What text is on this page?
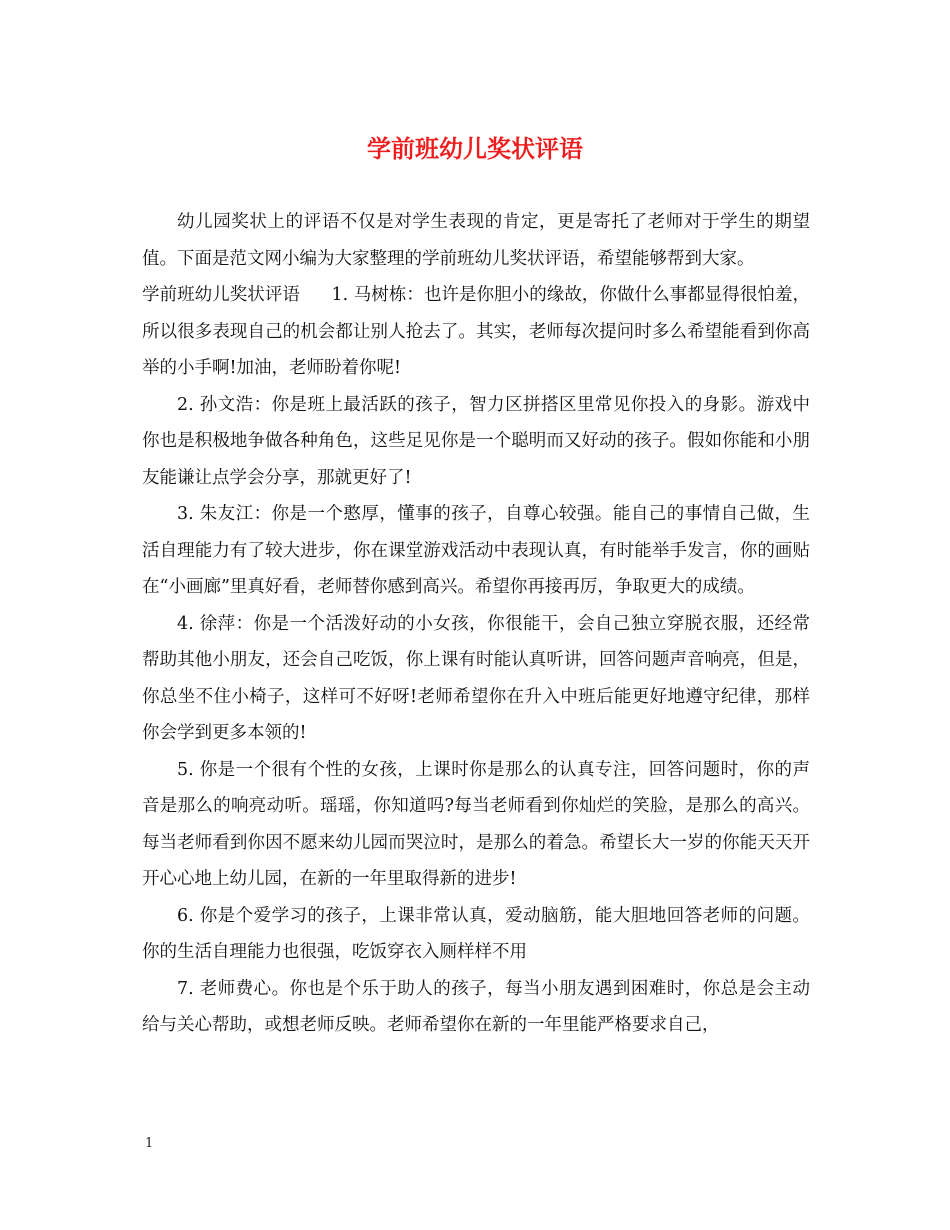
学前班幼儿奖状评语

幼儿园奖状上的评语不仅是对学生表现的肯定，更是寄托了老师对于学生的期望值。下面是范文网小编为大家整理的学前班幼儿奖状评语，希望能够帮到大家。

学前班幼儿奖状评语 1. 马树栋：也许是你胆小的缘故，你做什么事都显得很怕羞，所以很多表现自己的机会都让别人抢去了。其实，老师每次提问时多么希望能看到你高举的小手啊!加油，老师盼着你呢!

2. 孙文浩：你是班上最活跃的孩子，智力区拼搭区里常见你投入的身影。游戏中你也是积极地争做各种角色，这些足见你是一个聪明而又好动的孩子。假如你能和小朋友能谦让点学会分享，那就更好了!

3. 朱友江：你是一个憨厚，懂事的孩子，自尊心较强。能自己的事情自己做，生活自理能力有了较大进步，你在课堂游戏活动中表现认真，有时能举手发言，你的画贴在“小画廊”里真好看，老师替你感到高兴。希望你再接再厉，争取更大的成绩。

4. 徐萍：你是一个活泼好动的小女孩，你很能干，会自己独立穿脱衣服，还经常帮助其他小朋友，还会自己吃饭，你上课有时能认真听讲，回答问题声音响亮，但是，你总坐不住小椅子，这样可不好呀!老师希望你在升入中班后能更好地遵守纪律，那样你会学到更多本领的!

5. 你是一个很有个性的女孩，上课时你是那么的认真专注，回答问题时，你的声音是那么的响亮动听。瑶瑶，你知道吗?每当老师看到你灿烂的笑脸，是那么的高兴。每当老师看到你因不愿来幼儿园而哭泣时，是那么的着急。希望长大一岁的你能天天开开心心地上幼儿园，在新的一年里取得新的进步!

6. 你是个爱学习的孩子，上课非常认真，爱动脑筋，能大胆地回答老师的问题。你的生活自理能力也很强，吃饭穿衣入厕样样不用

7. 老师费心。你也是个乐于助人的孩子，每当小朋友遇到困难时，你总是会主动给与关心帮助，或想老师反映。老师希望你在新的一年里能严格要求自己，

1
